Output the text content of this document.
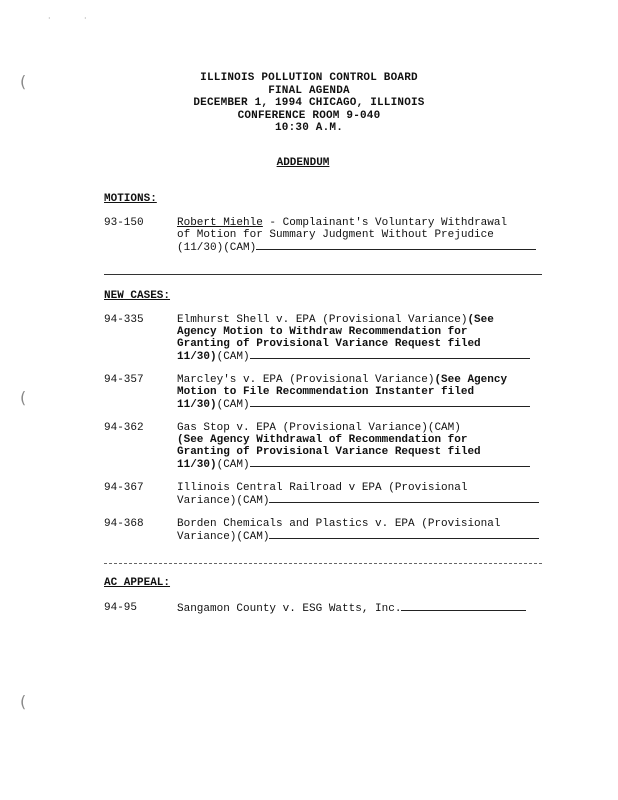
·	·
(
(
(
ILLINOIS POLLUTION CONTROL BOARD
FINAL AGENDA
DECEMBER 1, 1994 CHICAGO, ILLINOIS
CONFERENCE ROOM 9-040
10:30 A.M.
ADDENDUM
MOTIONS:
93-150	Robert Miehle - Complainant's Voluntary Withdrawal
of Motion for Summary Judgment Without Prejudice
(11/30)(CAM)
NEW CASES:
94-335	Elmhurst Shell v. EPA (Provisional Variance)(See
Agency Motion to Withdraw Recommendation for
Granting of Provisional Variance Request filed
11/30)(CAM)
94-357	Marcley's v. EPA (Provisional Variance)(See Agency
Motion to File Recommendation Instanter filed
11/30)(CAM)
94-362	Gas Stop v. EPA (Provisional Variance)(CAM)
(See Agency Withdrawal of Recommendation for
Granting of Provisional Variance Request filed
11/30)(CAM)
94-367	Illinois Central Railroad v EPA (Provisional
Variance)(CAM)
94-368	Borden Chemicals and Plastics v. EPA (Provisional
Variance)(CAM)
AC APPEAL:
94-95	Sangamon County v. ESG Watts, Inc.
